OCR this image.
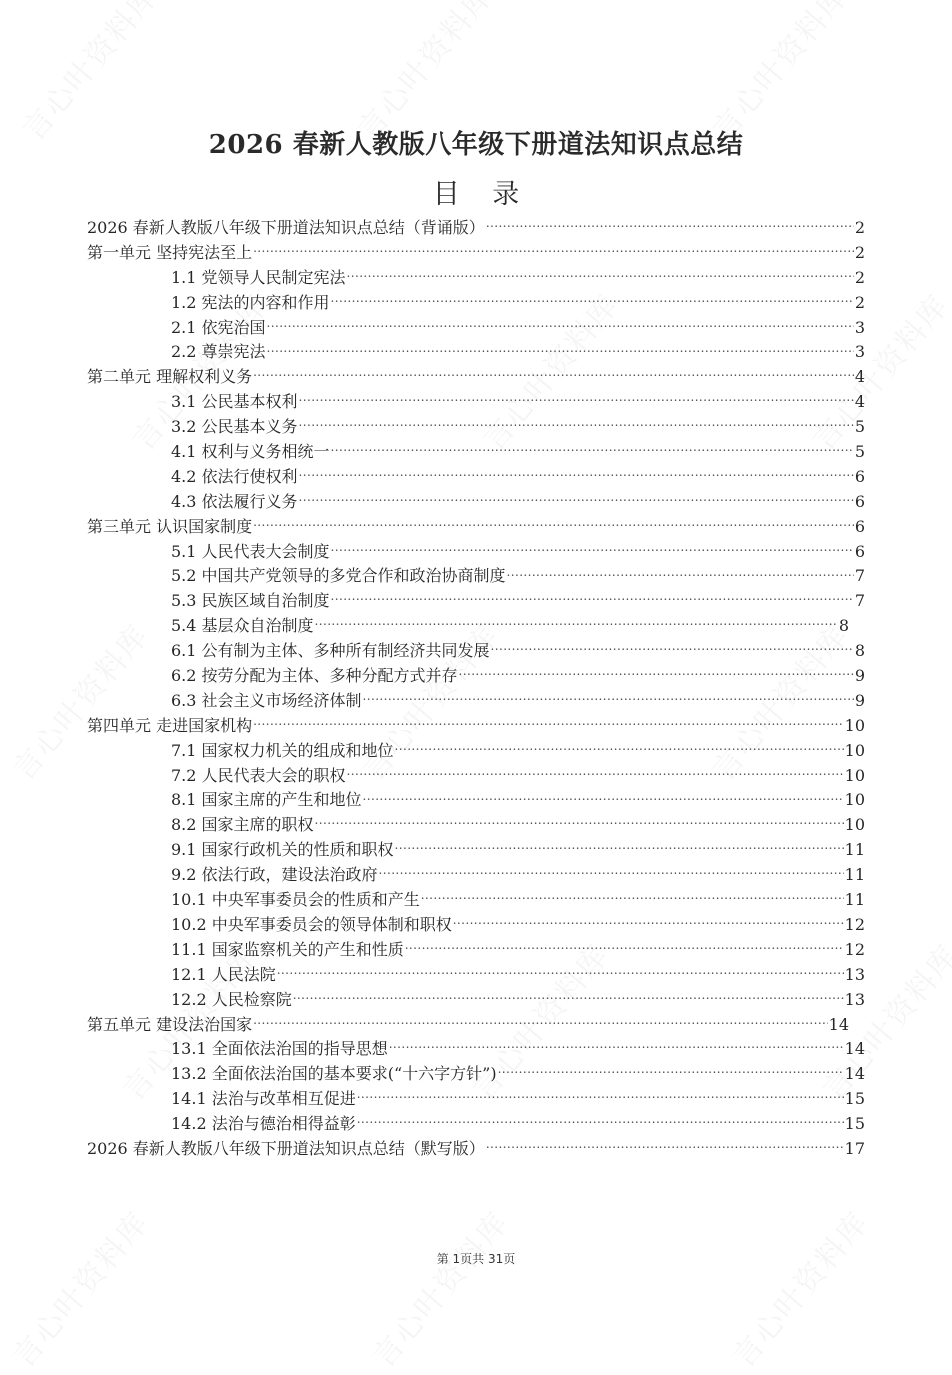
2026 春新人教版八年级下册道法知识点总结
目 录
2026 春新人教版八年级下册道法知识点总结（背诵版） .....	2
第一单元 坚持宪法至上 .....	2
1.1 党领导人民制定宪法 .....	2
1.2 宪法的内容和作用 .....	2
2.1 依宪治国 .....	3
2.2 尊崇宪法 .....	3
第二单元 理解权利义务 .....	4
3.1 公民基本权利 .....	4
3.2 公民基本义务 .....	5
4.1 权利与义务相统一 .....	5
4.2 依法行使权利 .....	6
4.3 依法履行义务 .....	6
第三单元 认识国家制度 .....	6
5.1 人民代表大会制度 .....	6
5.2 中国共产党领导的多党合作和政治协商制度 .....	7
5.3 民族区域自治制度 .....	7
5.4 基层众自治制度 .....	8
6.1 公有制为主体、多种所有制经济共同发展 .....	8
6.2 按劳分配为主体、多种分配方式并存 .....	9
6.3 社会主义市场经济体制 .....	9
第四单元 走进国家机构 .....	10
7.1 国家权力机关的组成和地位 .....	10
7.2 人民代表大会的职权 .....	10
8.1 国家主席的产生和地位 .....	10
8.2 国家主席的职权 .....	10
9.1 国家行政机关的性质和职权 .....	11
9.2 依法行政，建设法治政府 .....	11
10.1 中央军事委员会的性质和产生 .....	11
10.2 中央军事委员会的领导体制和职权 .....	12
11.1 国家监察机关的产生和性质 .....	12
12.1 人民法院 .....	13
12.2 人民检察院 .....	13
第五单元 建设法治国家 .....	14
13.1 全面依法治国的指导思想 .....	14
13.2 全面依法治国的基本要求(“十六字方针”) .....	14
14.1 法治与改革相互促进 .....	15
14.2 法治与德治相得益彰 .....	15
2026 春新人教版八年级下册道法知识点总结（默写版） .....	17
第 1页共 31页
